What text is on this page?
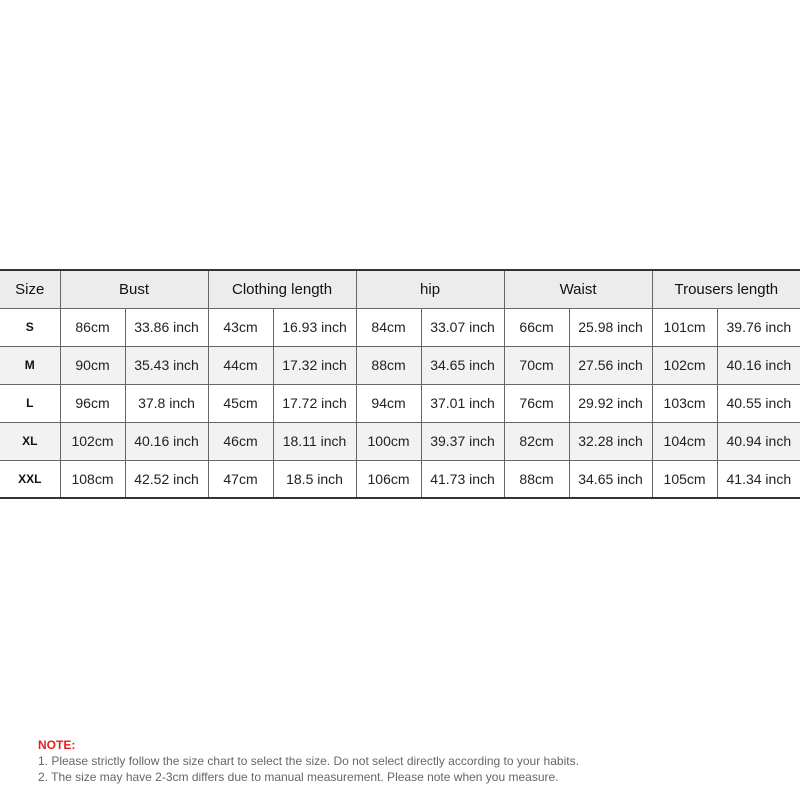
Size	Bust		Clothing length		hip		Waist		Trousers length	
S	86cm	33.86 inch	43cm	16.93 inch	84cm	33.07 inch	66cm	25.98 inch	101cm	39.76 inch
M	90cm	35.43 inch	44cm	17.32 inch	88cm	34.65 inch	70cm	27.56 inch	102cm	40.16 inch
L	96cm	37.8 inch	45cm	17.72 inch	94cm	37.01 inch	76cm	29.92 inch	103cm	40.55 inch
XL	102cm	40.16 inch	46cm	18.11 inch	100cm	39.37 inch	82cm	32.28 inch	104cm	40.94 inch
XXL	108cm	42.52 inch	47cm	18.5 inch	106cm	41.73 inch	88cm	34.65 inch	105cm	41.34 inch
NOTE:
1. Please strictly follow the size chart to select the size. Do not select directly according to your habits.
2. The size may have 2-3cm differs due to manual measurement. Please note when you measure.
